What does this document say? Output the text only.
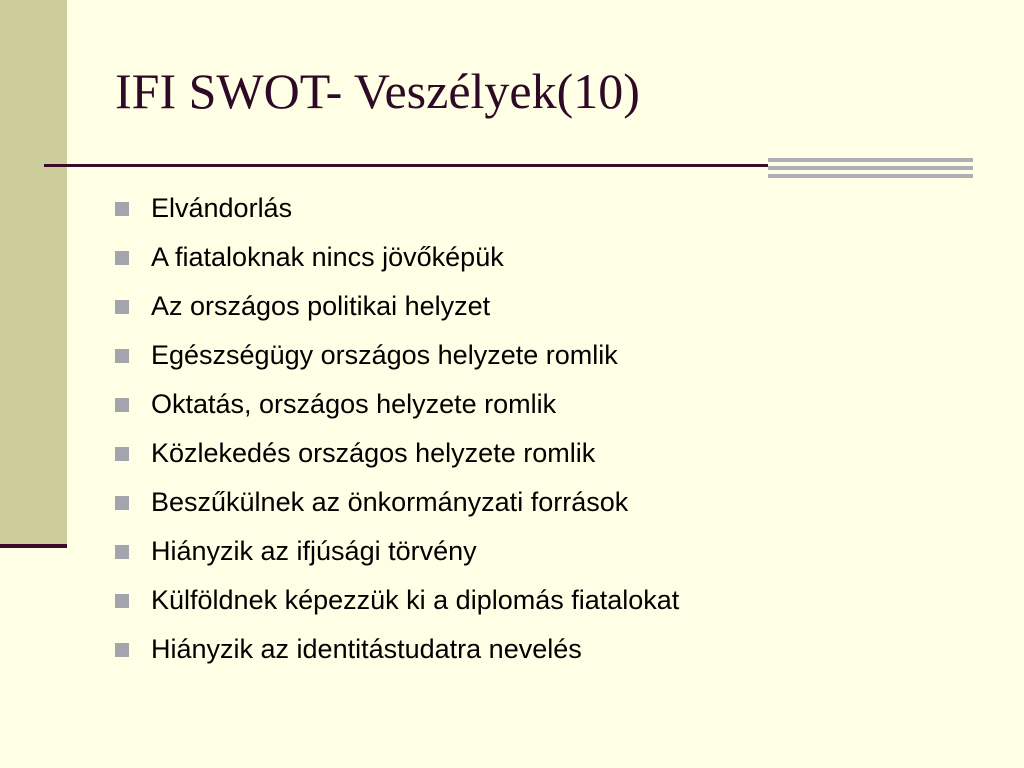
IFI SWOT- Veszélyek(10)
Elvándorlás
A fiataloknak nincs jövőképük
Az országos politikai helyzet
Egészségügy országos helyzete romlik
Oktatás, országos helyzete romlik
Közlekedés országos helyzete romlik
Beszűkülnek az önkormányzati források
Hiányzik az ifjúsági törvény
Külföldnek képezzük ki a diplomás fiatalokat
Hiányzik az identitástudatra nevelés
